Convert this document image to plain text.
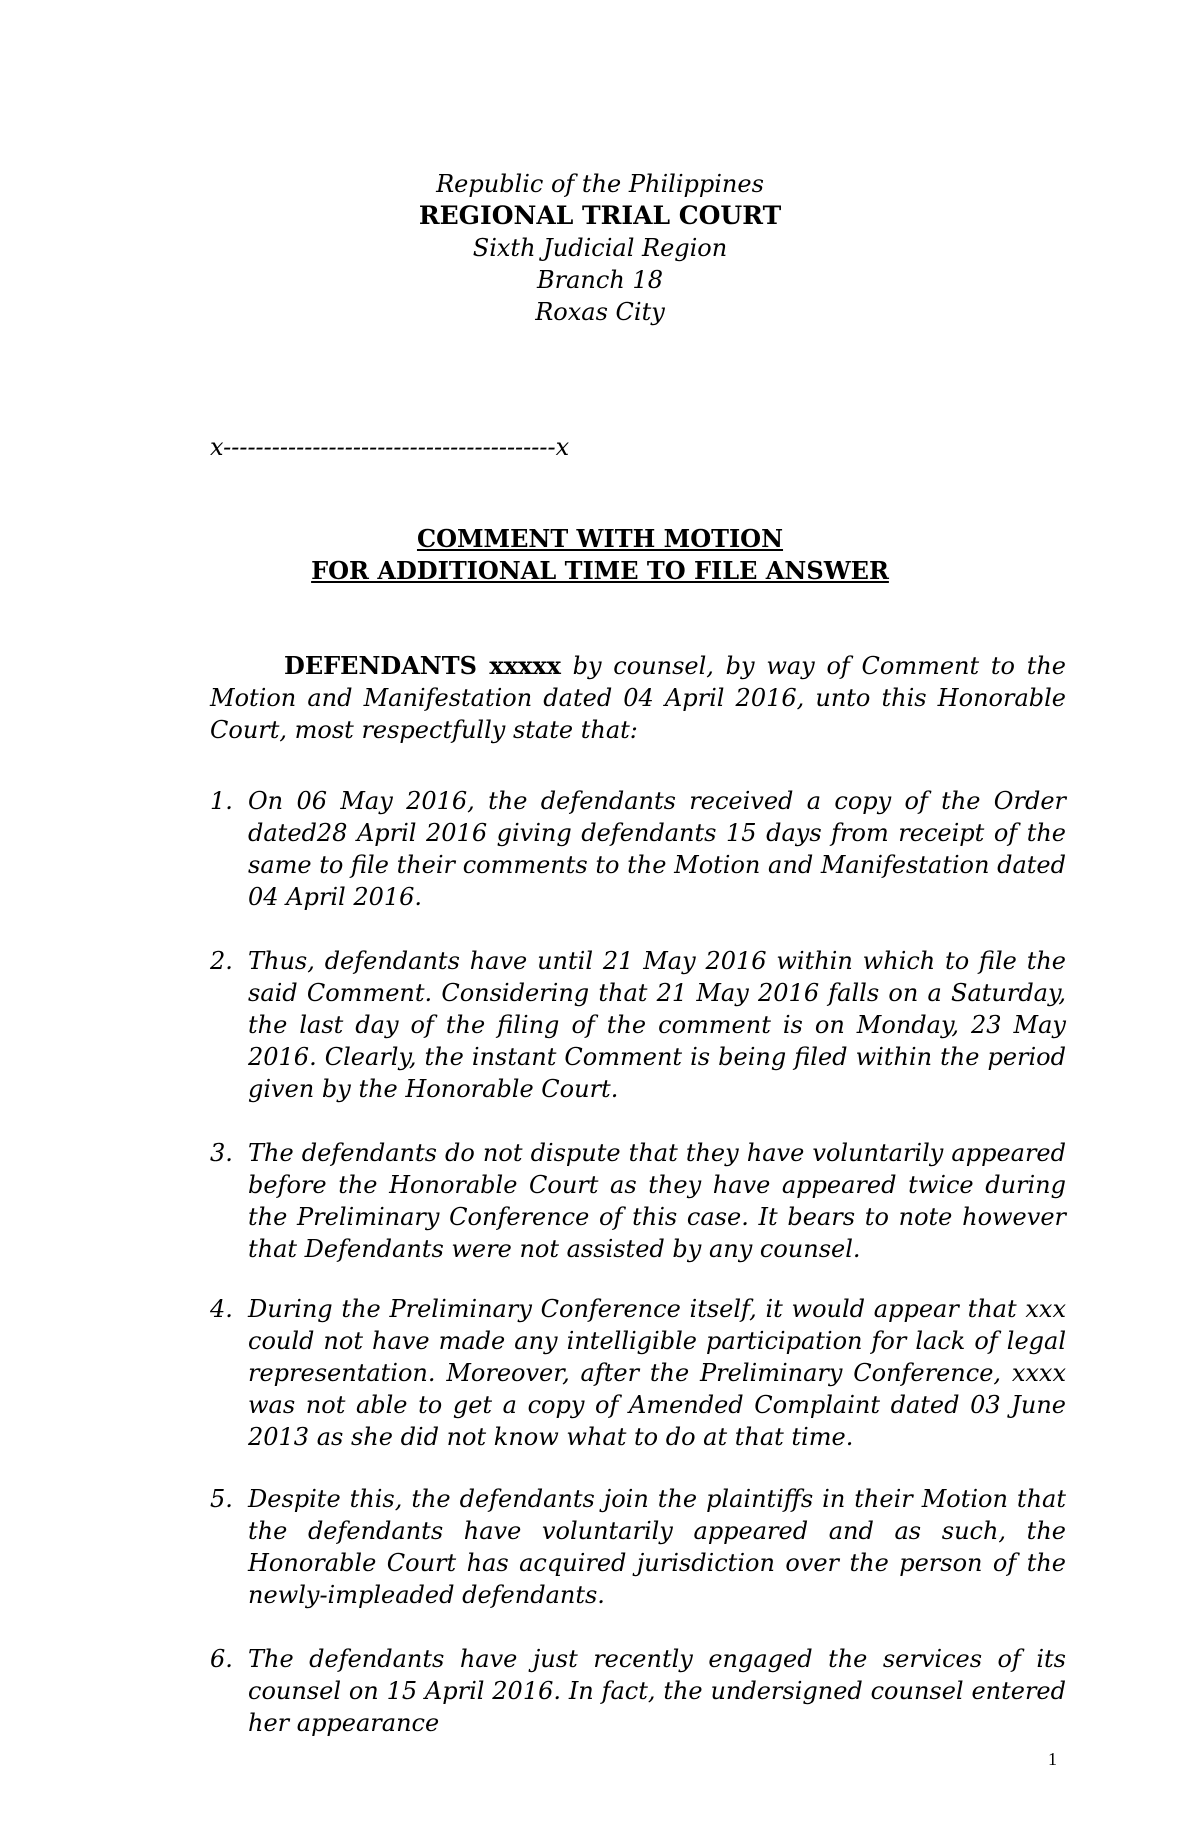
Republic of the Philippines
REGIONAL TRIAL COURT
Sixth Judicial Region
Branch 18
Roxas City
x-----------------------------------------x
COMMENT WITH MOTION
FOR ADDITIONAL TIME TO FILE ANSWER
DEFENDANTS xxxxx by counsel, by way of Comment to the Motion and Manifestation dated 04 April 2016, unto this Honorable Court, most respectfully state that:
1. On 06 May 2016, the defendants received a copy of the Order dated28 April 2016 giving defendants 15 days from receipt of the same to file their comments to the Motion and Manifestation dated 04 April 2016.
2. Thus, defendants have until 21 May 2016 within which to file the said Comment. Considering that 21 May 2016 falls on a Saturday, the last day of the filing of the comment is on Monday, 23 May 2016. Clearly, the instant Comment is being filed within the period given by the Honorable Court.
3. The defendants do not dispute that they have voluntarily appeared before the Honorable Court as they have appeared twice during the Preliminary Conference of this case. It bears to note however that Defendants were not assisted by any counsel.
4. During the Preliminary Conference itself, it would appear that xxx could not have made any intelligible participation for lack of legal representation. Moreover, after the Preliminary Conference, xxxx was not able to get a copy of Amended Complaint dated 03 June 2013 as she did not know what to do at that time.
5. Despite this, the defendants join the plaintiffs in their Motion that the defendants have voluntarily appeared and as such, the Honorable Court has acquired jurisdiction over the person of the newly-impleaded defendants.
6. The defendants have just recently engaged the services of its counsel on 15 April 2016. In fact, the undersigned counsel entered her appearance
1
